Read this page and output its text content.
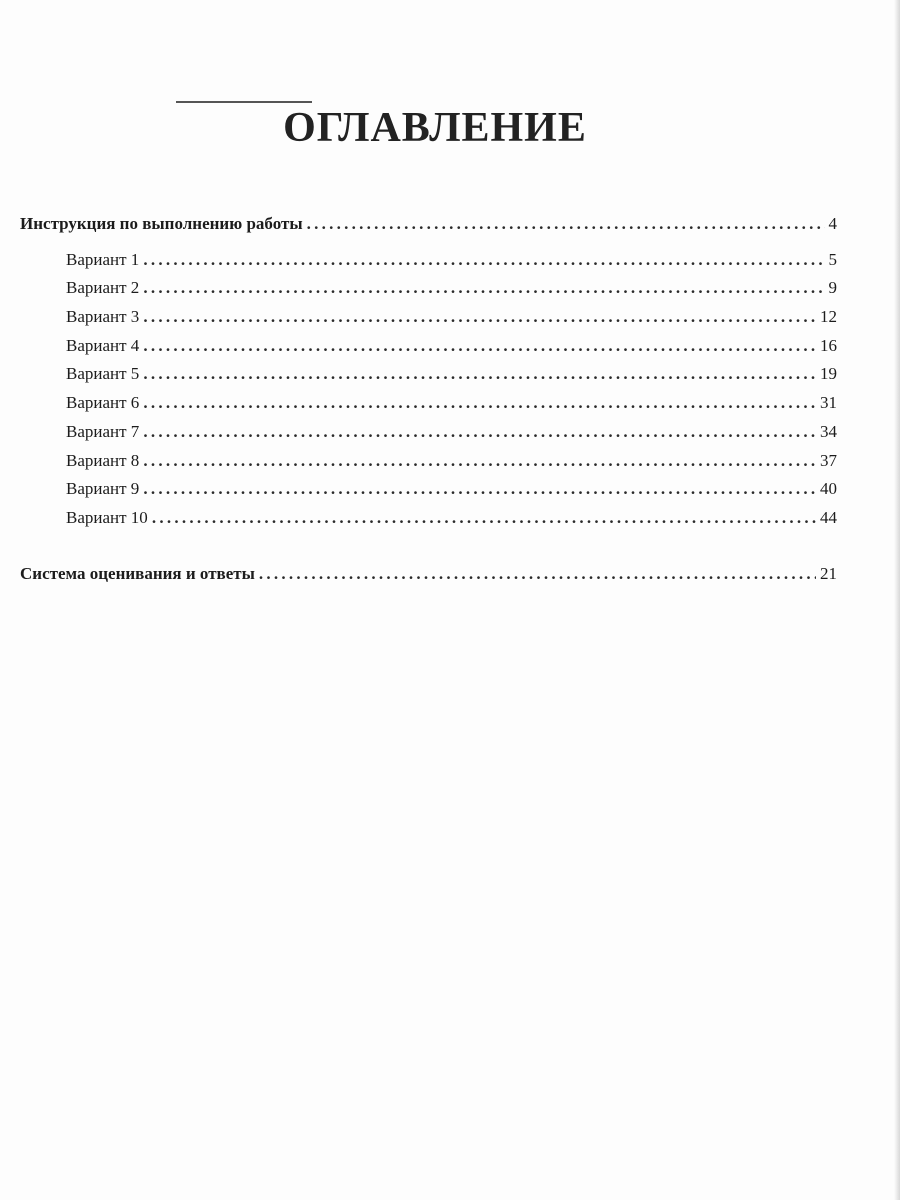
ОГЛАВЛЕНИЕ
Инструкция по выполнению работы . . .	4
Вариант 1 . . .	5
Вариант 2 . . .	9
Вариант 3 . . .	12
Вариант 4 . . .	16
Вариант 5 . . .	19
Вариант 6 . . .	31
Вариант 7 . . .	34
Вариант 8 . . .	37
Вариант 9 . . .	40
Вариант 10 . . .	44
Система оценивания и ответы . . .	21
